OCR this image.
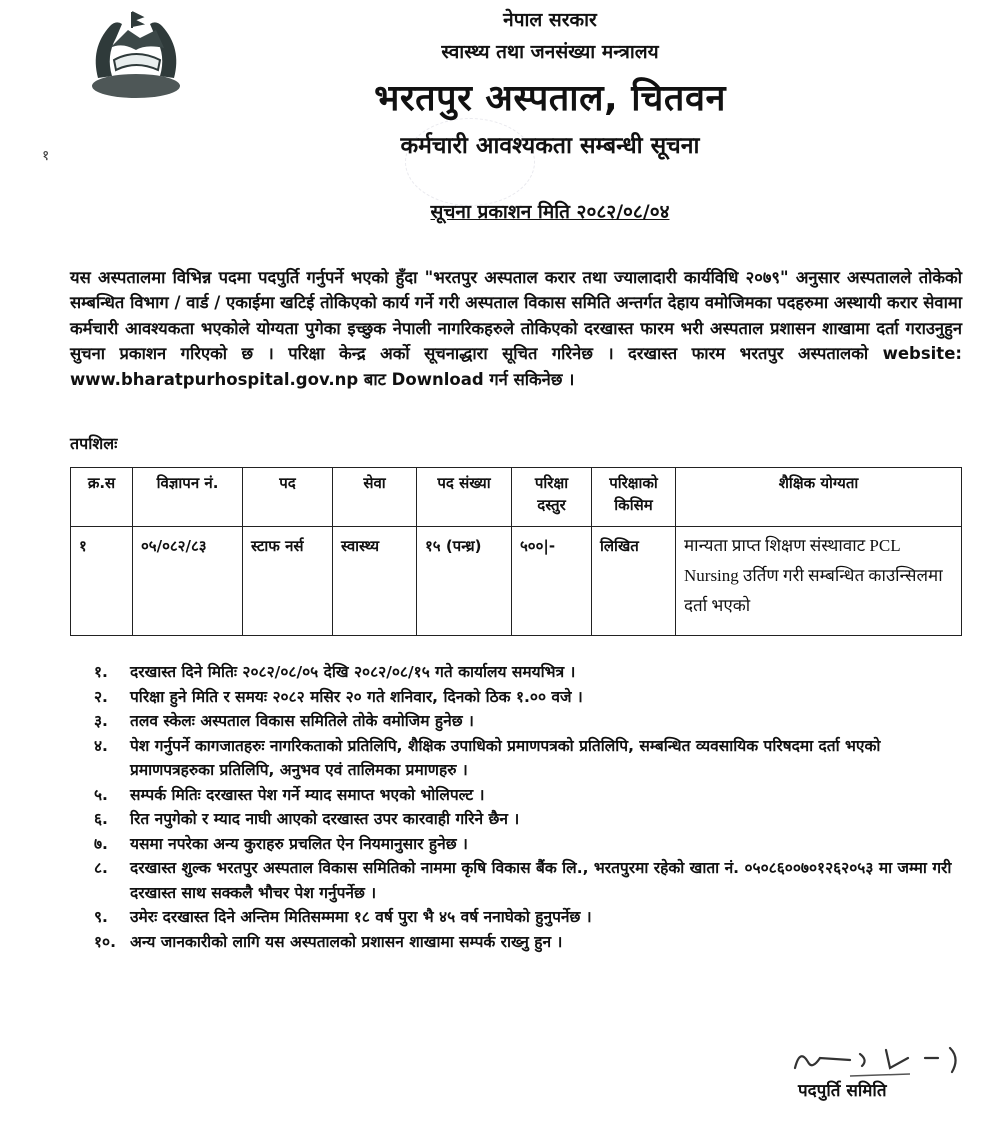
१
नेपाल सरकार
स्वास्थ्य तथा जनसंख्या मन्त्रालय
भरतपुर अस्पताल, चितवन
कर्मचारी आवश्यकता सम्बन्धी सूचना
सूचना प्रकाशन मिति २०८२/०८/०४

यस अस्पतालमा विभिन्न पदमा पदपुर्ति गर्नुपर्ने भएको हुँदा "भरतपुर अस्पताल करार तथा ज्यालादारी कार्यविधि २०७९" अनुसार अस्पतालले तोकेको सम्बन्धित विभाग / वार्ड / एकाईमा खटिई तोकिएको कार्य गर्ने गरी अस्पताल विकास समिति अन्तर्गत देहाय वमोजिमका पदहरुमा अस्थायी करार सेवामा कर्मचारी आवश्यकता भएकोले योग्यता पुगेका इच्छुक नेपाली नागरिकहरुले तोकिएको दरखास्त फारम भरी अस्पताल प्रशासन शाखामा दर्ता गराउनुहुन सुचना प्रकाशन गरिएको छ । परिक्षा केन्द्र अर्को सूचनाद्धारा सूचित गरिनेछ । दरखास्त फारम भरतपुर अस्पतालको website: www.bharatpurhospital.gov.np बाट Download गर्न सकिनेछ ।

तपशिलः
क्र.स	विज्ञापन नं.	पद	सेवा	पद संख्या	परिक्षा दस्तुर	परिक्षाको किसिम	शैक्षिक योग्यता
१	०५/०८२/८३	स्टाफ नर्स	स्वास्थ्य	१५ (पन्ध्र)	५००|-	लिखित	मान्यता प्राप्त शिक्षण संस्थावाट PCL Nursing उर्तिण गरी सम्बन्धित काउन्सिलमा दर्ता भएको
१.	दरखास्त दिने मितिः २०८२/०८/०५ देखि २०८२/०८/१५ गते कार्यालय समयभित्र ।
२.	परिक्षा हुने मिति र समयः २०८२ मसिर २० गते शनिवार, दिनको ठिक १.०० वजे ।
३.	तलव स्केलः अस्पताल विकास समितिले तोके वमोजिम हुनेछ ।
४.	पेश गर्नुपर्ने कागजातहरुः नागरिकताको प्रतिलिपि, शैक्षिक उपाधिको प्रमाणपत्रको प्रतिलिपि, सम्बन्धित व्यवसायिक परिषदमा दर्ता भएको प्रमाणपत्रहरुका प्रतिलिपि, अनुभव एवं तालिमका प्रमाणहरु ।
५.	सम्पर्क मितिः दरखास्त पेश गर्ने म्याद समाप्त भएको भोलिपल्ट ।
६.	रित नपुगेको र म्याद नाघी आएको दरखास्त उपर कारवाही गरिने छैन ।
७.	यसमा नपरेका अन्य कुराहरु प्रचलित ऐन नियमानुसार हुनेछ ।
८.	दरखास्त शुल्क भरतपुर अस्पताल विकास समितिको नाममा कृषि विकास बैंक लि., भरतपुरमा रहेको खाता नं. ०५०८६००७०१२६२०५३ मा जम्मा गरी दरखास्त साथ सक्कलै भौचर पेश गर्नुपर्नेछ ।
९.	उमेरः दरखास्त दिने अन्तिम मितिसम्ममा १८ वर्ष पुरा भै ४५ वर्ष ननाघेको हुनुपर्नेछ ।
१०. अन्य जानकारीको लागि यस अस्पतालको प्रशासन शाखामा सम्पर्क राख्नु हुन ।
पदपुर्ति समिति
